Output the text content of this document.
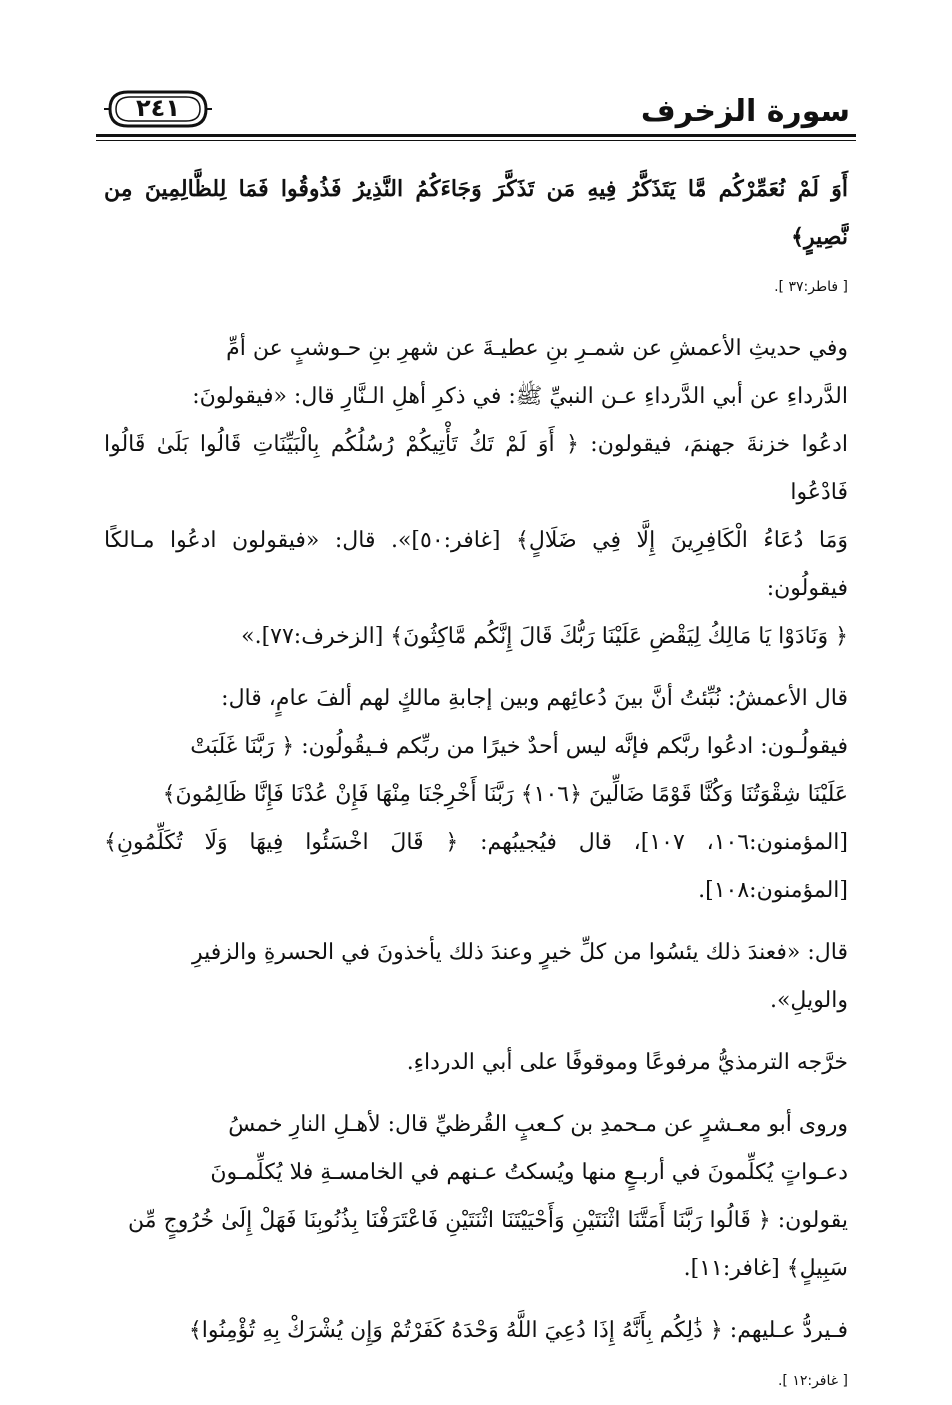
سورة الزخرف
٢٤١

أَوَ لَمْ نُعَمِّرْكُم مَّا يَتَذَكَّرُ فِيهِ مَن تَذَكَّرَ وَجَاءَكُمُ النَّذِيرُ فَذُوقُوا فَمَا لِلظَّالِمِينَ مِن نَّصِيرٍ﴾

[ فاطر:٣٧ ].

وفي حديثِ الأعمشِ عن شمـرِ بنِ عطيـةَ عن شهرِ بنِ حـوشبٍ عن أمِّ

الدَّرداءِ عن أبي الدَّرداءِ عـن النبيِّ ﷺ: في ذكرِ أهلِ الـنَّارِ قال: «فيقولونَ:

ادعُوا خزنةَ جهنمَ، فيقولون: ﴿ أَوَ لَمْ تَكُ تَأْتِيكُمْ رُسُلُكُم بِالْبَيِّنَاتِ قَالُوا بَلَىٰ قَالُوا فَادْعُوا

وَمَا دُعَاءُ الْكَافِرِينَ إِلَّا فِي ضَلَالٍ﴾ [غافر:٥٠]». قال: «فيقولون ادعُوا مـالكًا فيقولُون:

﴿ وَنَادَوْا يَا مَالِكُ لِيَقْضِ عَلَيْنَا رَبُّكَ قَالَ إِنَّكُم مَّاكِثُونَ﴾ [الزخرف:٧٧].»

قال الأعمشُ: نُبِّئتُ أنَّ بينَ دُعائِهم وبين إجابةِ مالكٍ لهم ألفَ عامٍ، قال:

فيقولُـون: ادعُوا ربَّكم فإنَّه ليس أحدٌ خيرًا من ربِّكم فـيقُولُون: ﴿ رَبَّنَا غَلَبَتْ

عَلَيْنَا شِقْوَتُنَا وَكُنَّا قَوْمًا ضَالِّينَ ﴿١٠٦﴾ رَبَّنَا أَخْرِجْنَا مِنْهَا فَإِنْ عُدْنَا فَإِنَّا ظَالِمُونَ﴾

[المؤمنون:١٠٦، ١٠٧]، قال فيُجيبُهم: ﴿ قَالَ اخْسَئُوا فِيهَا وَلَا تُكَلِّمُونِ﴾ [المؤمنون:١٠٨].

قال: «فعندَ ذلك يئسُوا من كلِّ خيرٍ وعندَ ذلك يأخذونَ في الحسرةِ والزفيرِ

والويلِ».

خرَّجه الترمذيُّ مرفوعًا وموقوفًا على أبي الدرداءِ.

وروى أبو معـشرٍ عن مـحمدِ بن كـعبٍ القُرظيِّ قال: لأهـلِ النارِ خمسُ

دعـواتٍ يُكلِّمونَ في أربـعٍ منها ويُسكتُ عـنهم في الخامسـةِ فلا يُكلِّمـونَ

يقولون: ﴿ قَالُوا رَبَّنَا أَمَتَّنَا اثْنَتَيْنِ وَأَحْيَيْتَنَا اثْنَتَيْنِ فَاعْتَرَفْنَا بِذُنُوبِنَا فَهَلْ إِلَىٰ خُرُوجٍ مِّن

سَبِيلٍ﴾ [غافر:١١].

فـيردُّ عـليهم: ﴿ ذَٰلِكُم بِأَنَّهُ إِذَا دُعِيَ اللَّهُ وَحْدَهُ كَفَرْتُمْ وَإِن يُشْرَكْ بِهِ تُؤْمِنُوا﴾

[ غافر:١٢ ].
